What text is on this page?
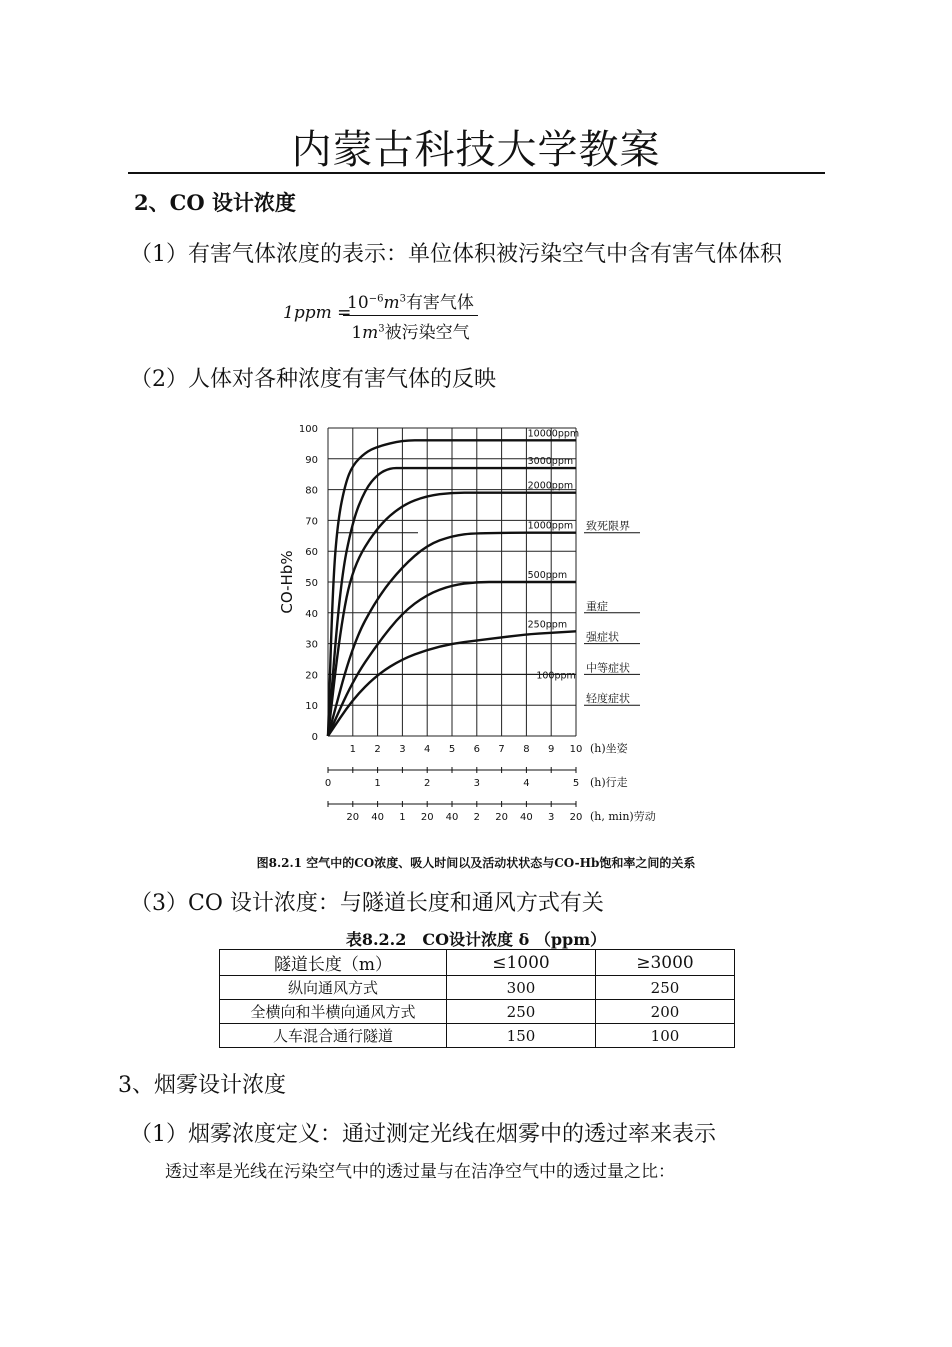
内蒙古科技大学教案
2、CO 设计浓度
（1）有害气体浓度的表示：单位体积被污染空气中含有害气体体积
1ppm =
$10^{-6}m^3$有害气体
$1m^3$被污染空气
（2）人体对各种浓度有害气体的反映
0
10
20
30
40
50
60
70
80
90
100
CO-Hb%
10000ppm
3000ppm
2000ppm
1000ppm
500ppm
250ppm
100ppm
致死限界
重症
强症状
中等症状
轻度症状
1 2 3 4 5 6 7 8 9 10 (h)坐姿
0	1	2	3	4	5 (h)行走
20 40 1 20 40 2 20 40 3 20 (h, min)劳动
图8.2.1 空气中的CO浓度、吸人时间以及活动状状态与CO-Hb饱和率之间的关系
（3）CO 设计浓度：与隧道长度和通风方式有关
表8.2.2　CO设计浓度 δ （ppm）
隧道长度（m）	≤1000	≥3000
纵向通风方式	300	250
全横向和半横向通风方式	250	200
人车混合通行隧道	150	100
3、烟雾设计浓度
（1）烟雾浓度定义：通过测定光线在烟雾中的透过率来表示
透过率是光线在污染空气中的透过量与在洁净空气中的透过量之比：
